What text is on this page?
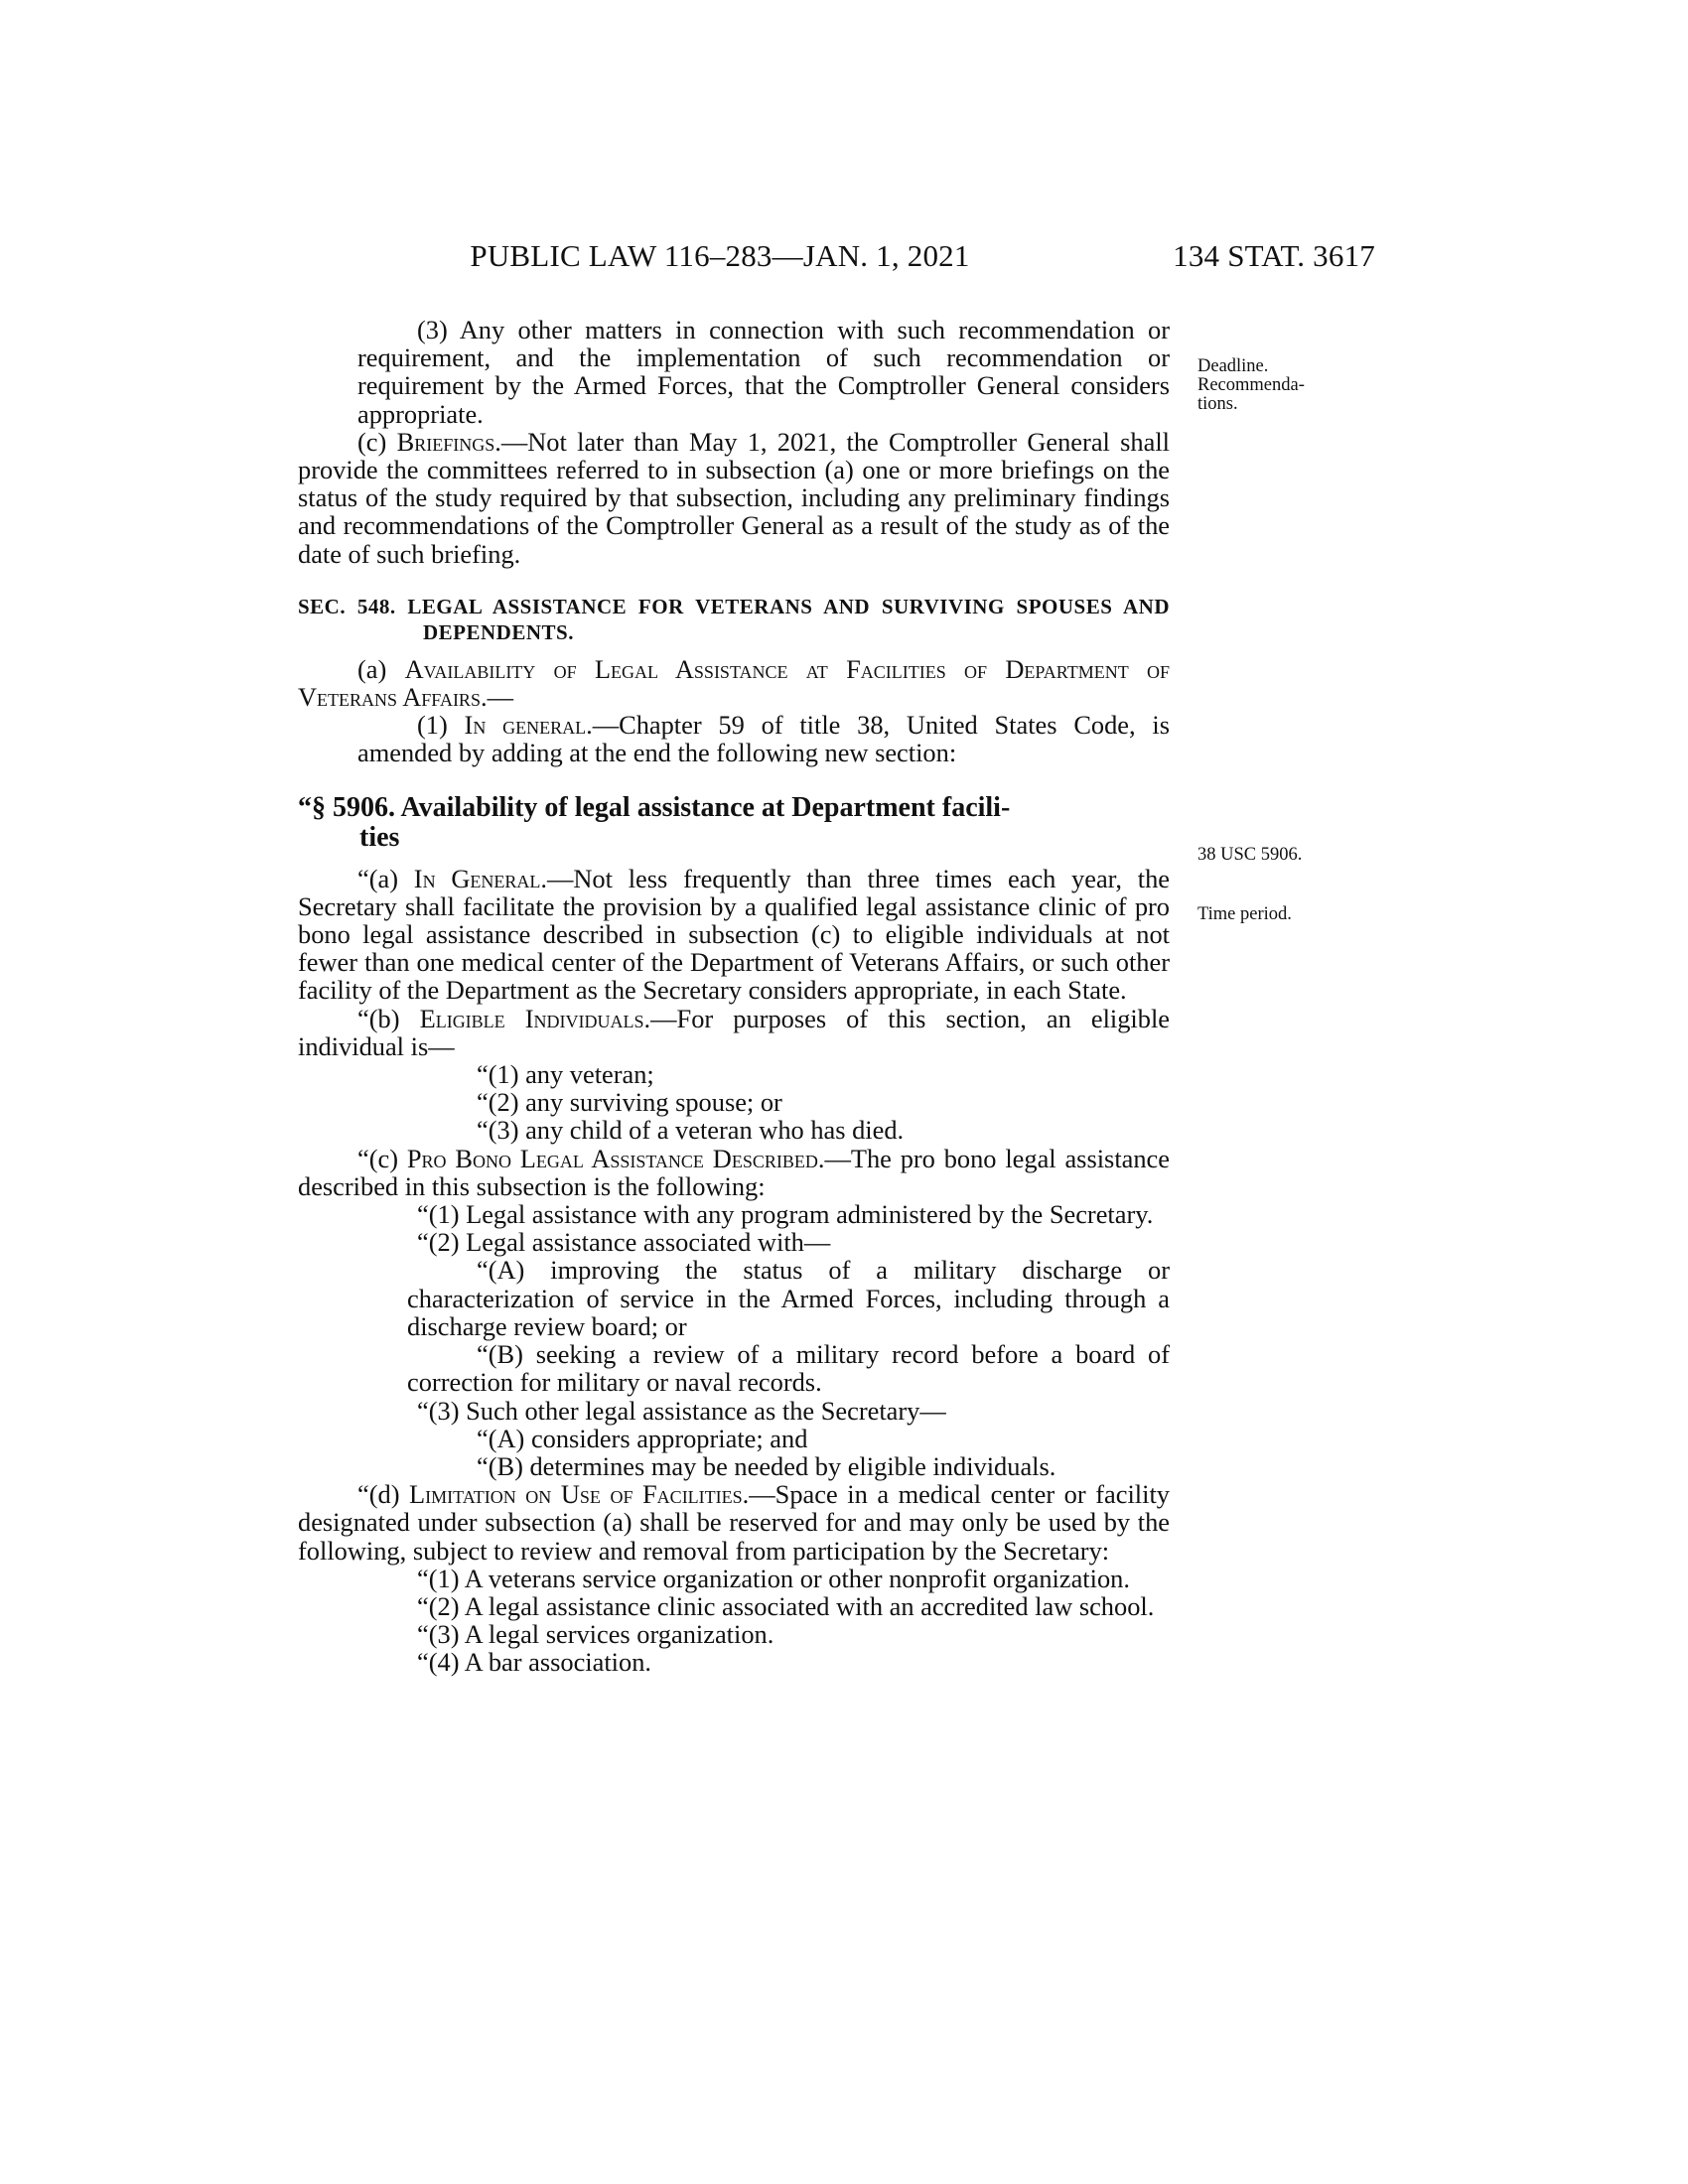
PUBLIC LAW 116–283—JAN. 1, 2021	134 STAT. 3617
Deadline.
Recommenda-
tions.
38 USC 5906.
Time period.

(3) Any other matters in connection with such recommendation or requirement, and the implementation of such recommendation or requirement by the Armed Forces, that the Comptroller General considers appropriate.

(c) Briefings.—Not later than May 1, 2021, the Comptroller General shall provide the committees referred to in subsection (a) one or more briefings on the status of the study required by that subsection, including any preliminary findings and recommendations of the Comptroller General as a result of the study as of the date of such briefing.

SEC. 548. LEGAL ASSISTANCE FOR VETERANS AND SURVIVING SPOUSES AND DEPENDENTS.

(a) Availability of Legal Assistance at Facilities of Department of Veterans Affairs.—

(1) In general.—Chapter 59 of title 38, United States Code, is amended by adding at the end the following new section:

“§ 5906. Availability of legal assistance at Department facili-
ties

“(a) In General.—Not less frequently than three times each year, the Secretary shall facilitate the provision by a qualified legal assistance clinic of pro bono legal assistance described in subsection (c) to eligible individuals at not fewer than one medical center of the Department of Veterans Affairs, or such other facility of the Department as the Secretary considers appropriate, in each State.

“(b) Eligible Individuals.—For purposes of this section, an eligible individual is—

“(1) any veteran;

“(2) any surviving spouse; or

“(3) any child of a veteran who has died.

“(c) Pro Bono Legal Assistance Described.—The pro bono legal assistance described in this subsection is the following:

“(1) Legal assistance with any program administered by the Secretary.

“(2) Legal assistance associated with—

“(A) improving the status of a military discharge or characterization of service in the Armed Forces, including through a discharge review board; or

“(B) seeking a review of a military record before a board of correction for military or naval records.

“(3) Such other legal assistance as the Secretary—

“(A) considers appropriate; and

“(B) determines may be needed by eligible individuals.

“(d) Limitation on Use of Facilities.—Space in a medical center or facility designated under subsection (a) shall be reserved for and may only be used by the following, subject to review and removal from participation by the Secretary:

“(1) A veterans service organization or other nonprofit organization.

“(2) A legal assistance clinic associated with an accredited law school.

“(3) A legal services organization.

“(4) A bar association.
